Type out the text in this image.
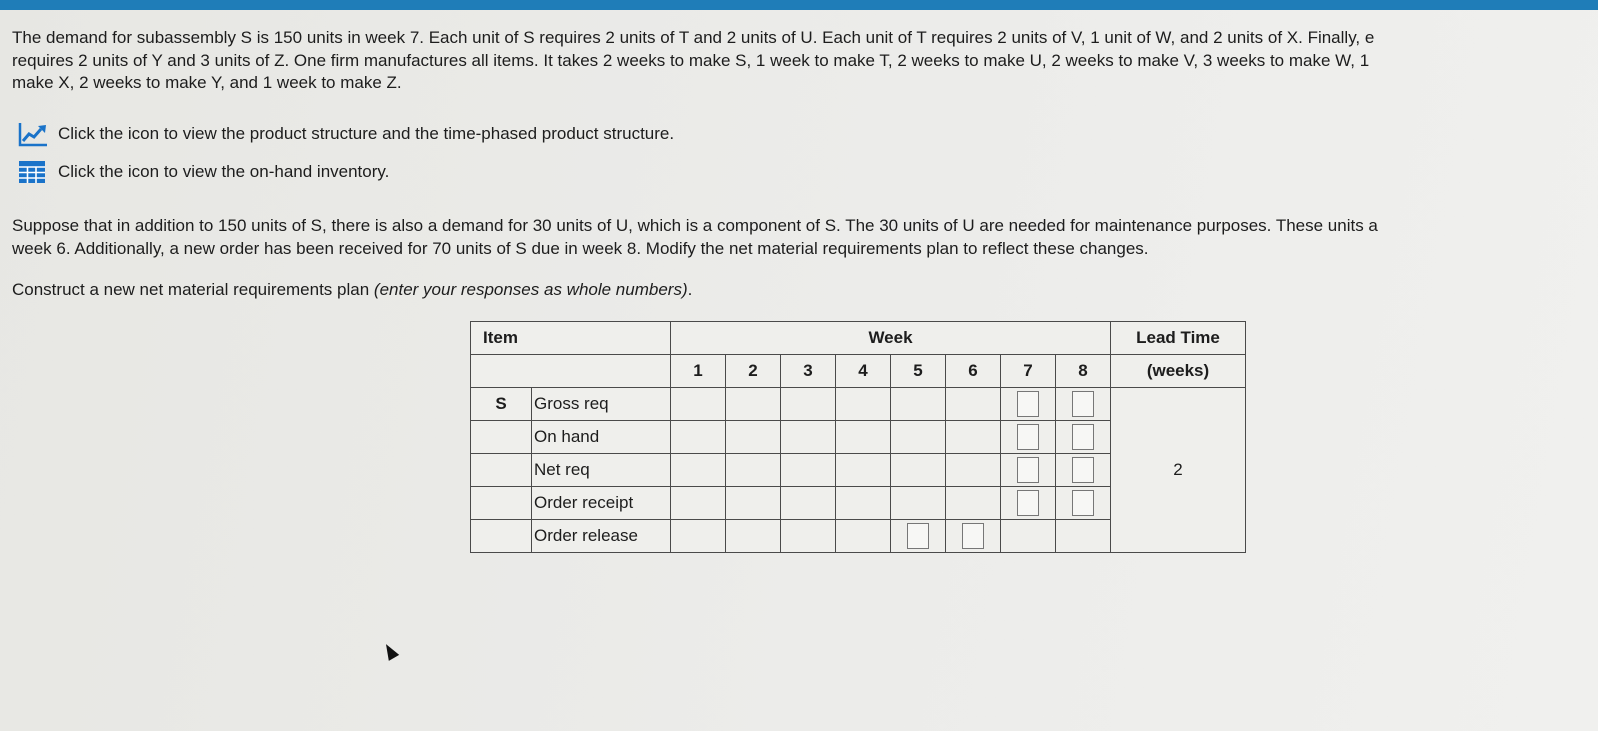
The demand for subassembly S is 150 units in week 7. Each unit of S requires 2 units of T and 2 units of U. Each unit of T requires 2 units of V, 1 unit of W, and 2 units of X. Finally, e
requires 2 units of Y and 3 units of Z. One firm manufactures all items. It takes 2 weeks to make S, 1 week to make T, 2 weeks to make U, 2 weeks to make V, 3 weeks to make W, 1
make X, 2 weeks to make Y, and 1 week to make Z.
Click the icon to view the product structure and the time-phased product structure.
Click the icon to view the on-hand inventory.
Suppose that in addition to 150 units of S, there is also a demand for 30 units of U, which is a component of S. The 30 units of U are needed for maintenance purposes. These units a
week 6. Additionally, a new order has been received for 70 units of S due in week 8. Modify the net material requirements plan to reflect these changes.
Construct a new net material requirements plan (enter your responses as whole numbers).
Item		Week								Lead Time
		1	2	3	4	5	6	7	8	(weeks)
S	Gross req									2
	On hand							

	Net req							

	Order receipt							

	Order release					
